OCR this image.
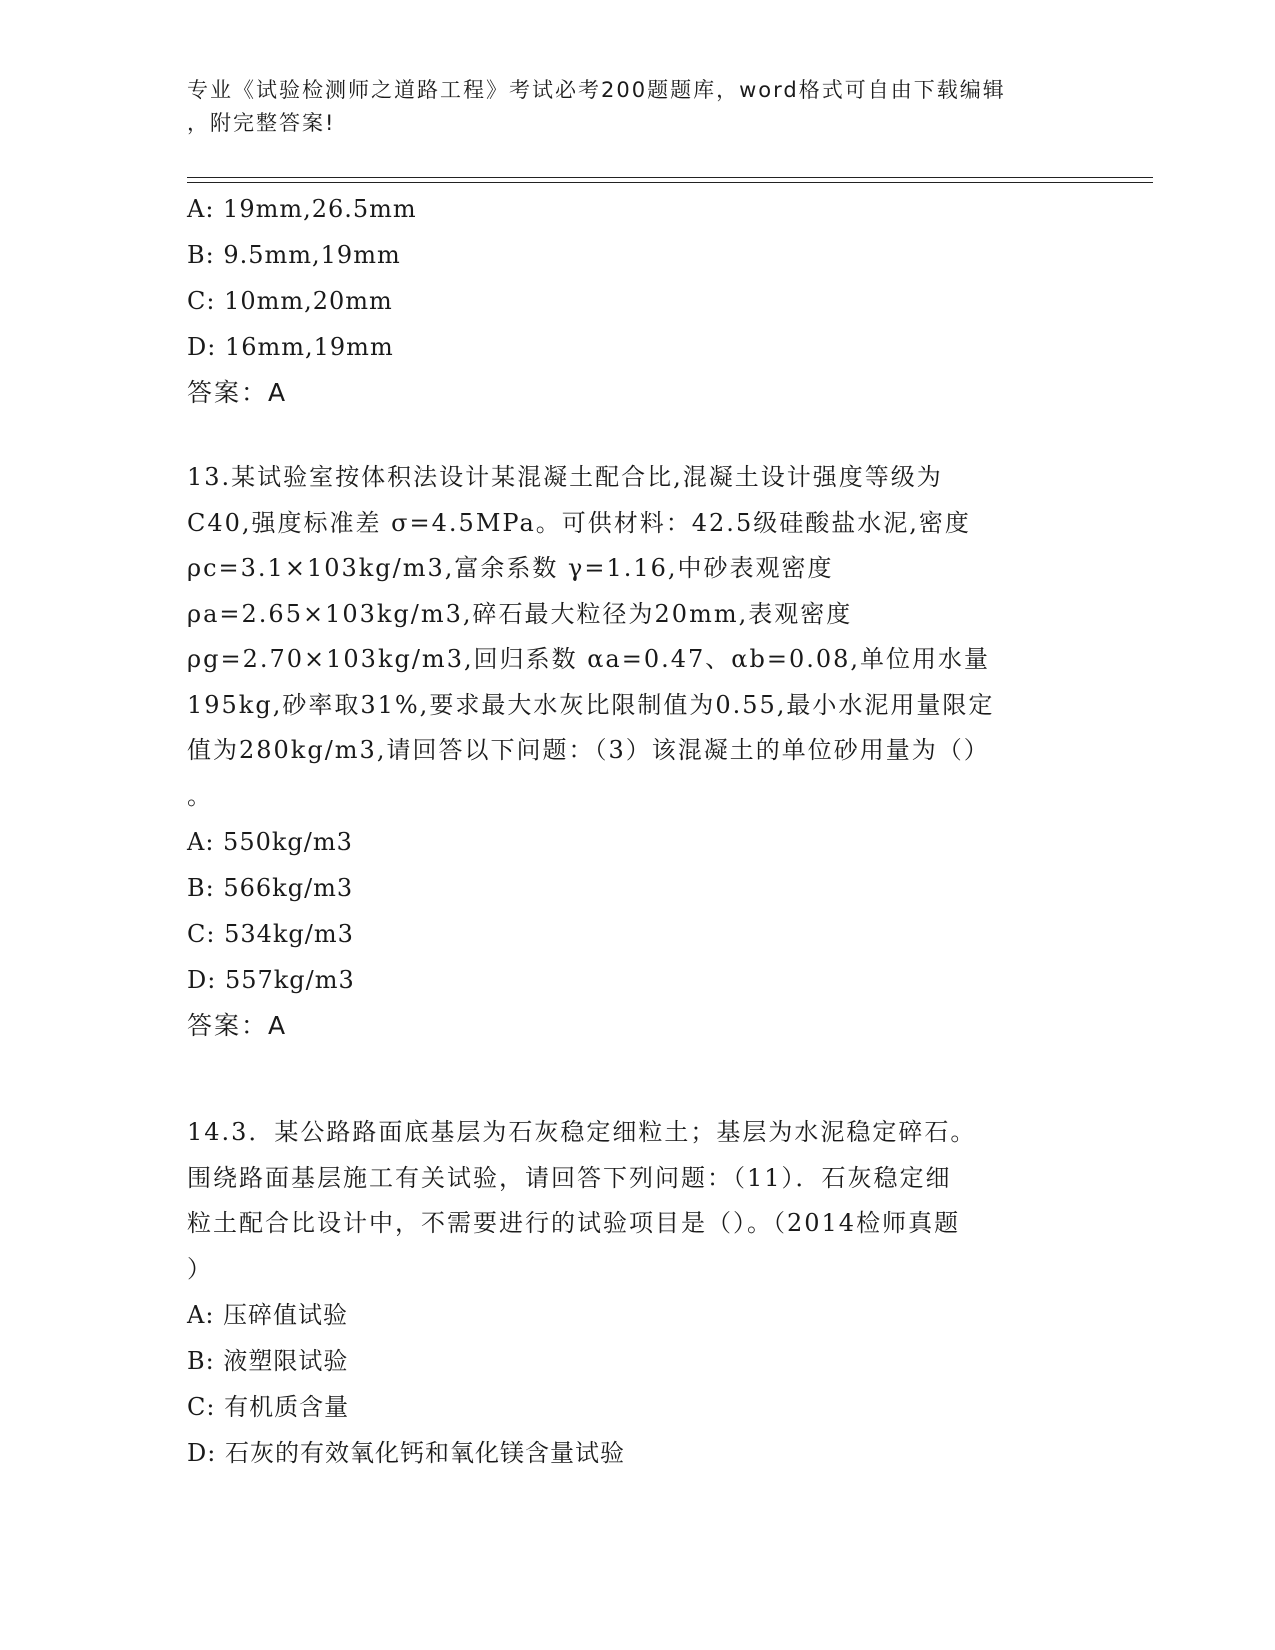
专业《试验检测师之道路工程》考试必考200题题库，word格式可自由下载编辑
，附完整答案!
A: 19mm,26.5mm
B: 9.5mm,19mm
C: 10mm,20mm
D: 16mm,19mm
答案：A
13.某试验室按体积法设计某混凝土配合比,混凝土设计强度等级为
C40,强度标准差 σ=4.5MPa。可供材料：42.5级硅酸盐水泥,密度
ρc=3.1×103kg/m3,富余系数 γ=1.16,中砂表观密度
ρa=2.65×103kg/m3,碎石最大粒径为20mm,表观密度
ρg=2.70×103kg/m3,回归系数 αa=0.47、αb=0.08,单位用水量
195kg,砂率取31%,要求最大水灰比限制值为0.55,最小水泥用量限定
值为280kg/m3,请回答以下问题：（3）该混凝土的单位砂用量为（）
。
A: 550kg/m3
B: 566kg/m3
C: 534kg/m3
D: 557kg/m3
答案：A
14.3．某公路路面底基层为石灰稳定细粒土；基层为水泥稳定碎石。
围绕路面基层施工有关试验，请回答下列问题：（11）．石灰稳定细
粒土配合比设计中，不需要进行的试验项目是（）。（2014检师真题
）
A: 压碎值试验
B: 液塑限试验
C: 有机质含量
D: 石灰的有效氧化钙和氧化镁含量试验
